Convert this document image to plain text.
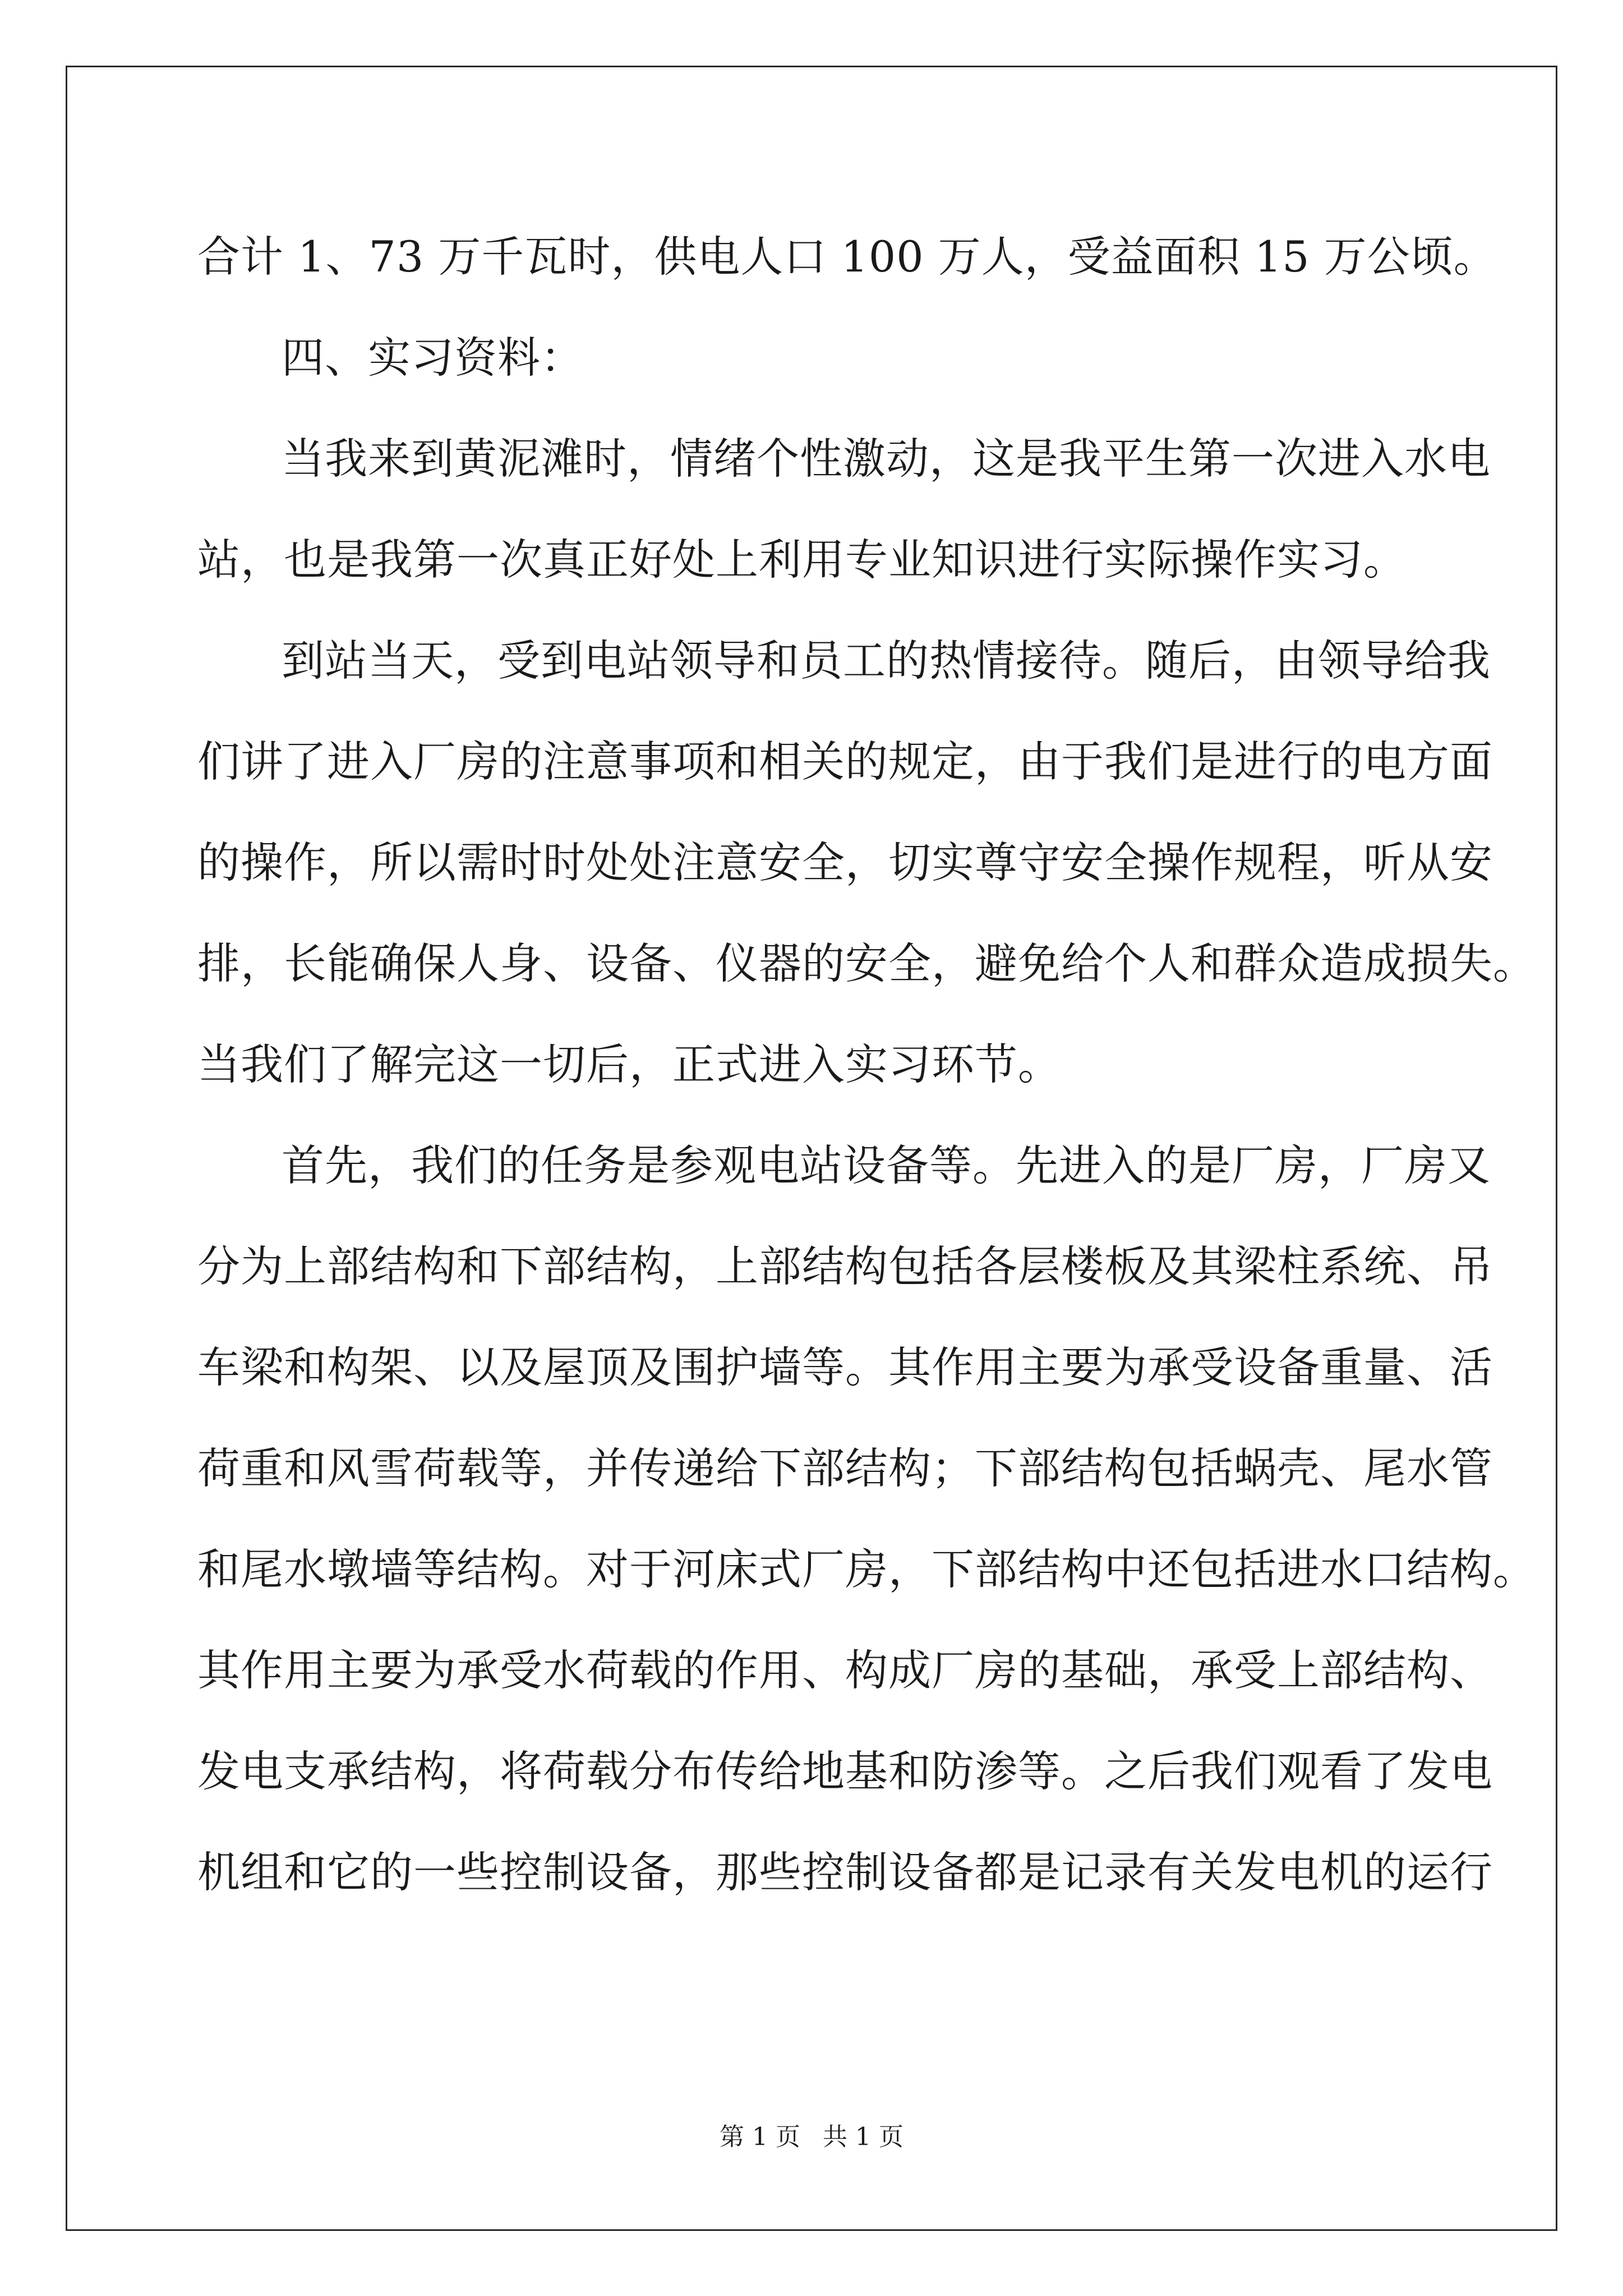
合计 1、73 万千瓦时，供电人口 100 万人，受益面积 15 万公顷。
四、实习资料：
当我来到黄泥滩时，情绪个性激动，这是我平生第一次进入水电
站，也是我第一次真正好处上利用专业知识进行实际操作实习。
到站当天，受到电站领导和员工的热情接待。随后，由领导给我
们讲了进入厂房的注意事项和相关的规定，由于我们是进行的电方面
的操作，所以需时时处处注意安全，切实尊守安全操作规程，听从安
排，长能确保人身、设备、仪器的安全，避免给个人和群众造成损失。
当我们了解完这一切后，正式进入实习环节。
首先，我们的任务是参观电站设备等。先进入的是厂房，厂房又
分为上部结构和下部结构，上部结构包括各层楼板及其梁柱系统、吊
车梁和构架、以及屋顶及围护墙等。其作用主要为承受设备重量、活
荷重和风雪荷载等，并传递给下部结构；下部结构包括蜗壳、尾水管
和尾水墩墙等结构。对于河床式厂房，下部结构中还包括进水口结构。
其作用主要为承受水荷载的作用、构成厂房的基础，承受上部结构、
发电支承结构，将荷载分布传给地基和防渗等。之后我们观看了发电
机组和它的一些控制设备，那些控制设备都是记录有关发电机的运行
第 1 页 共 1 页
